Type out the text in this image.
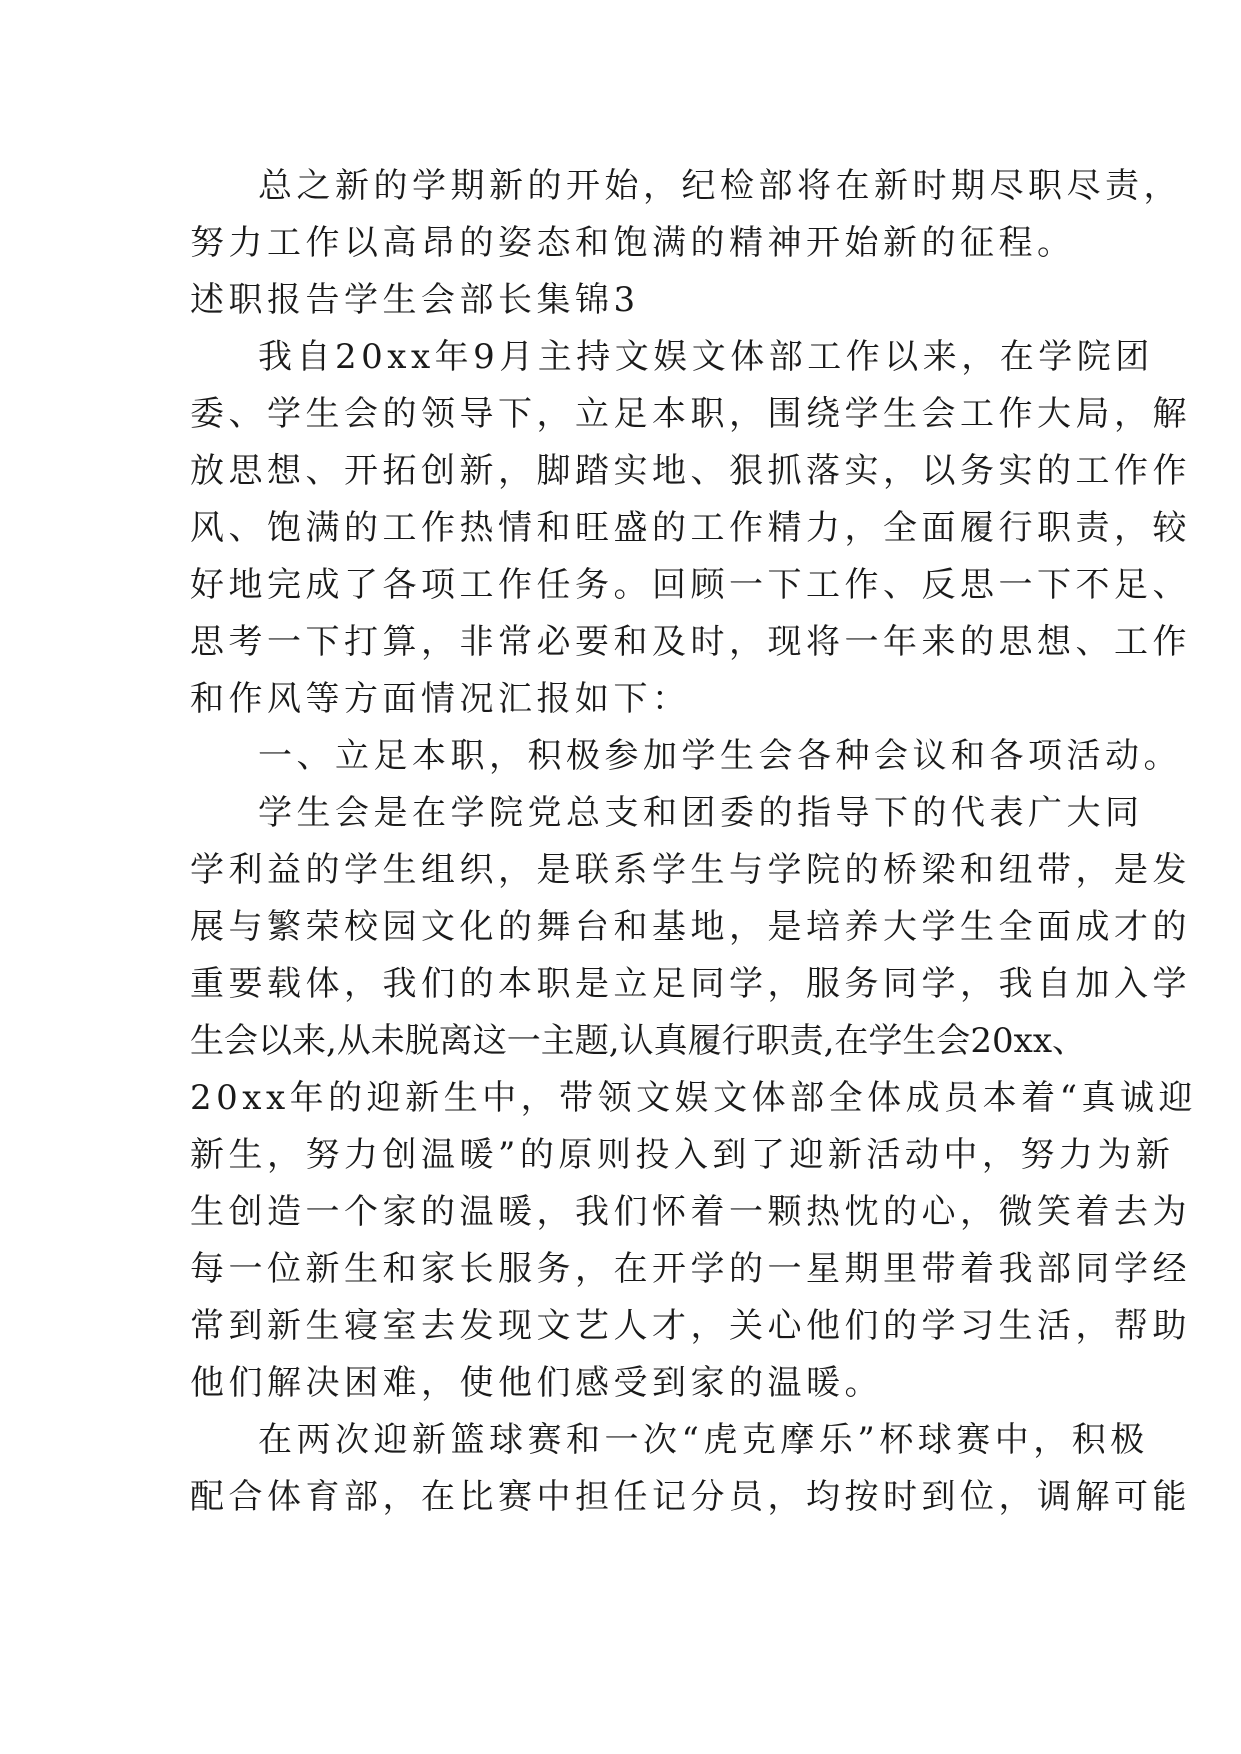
总之新的学期新的开始，纪检部将在新时期尽职尽责，
努力工作以高昂的姿态和饱满的精神开始新的征程。
述职报告学生会部长集锦3
我自20xx年9月主持文娱文体部工作以来，在学院团
委、学生会的领导下，立足本职，围绕学生会工作大局，解
放思想、开拓创新，脚踏实地、狠抓落实，以务实的工作作
风、饱满的工作热情和旺盛的工作精力，全面履行职责，较
好地完成了各项工作任务。回顾一下工作、反思一下不足、
思考一下打算，非常必要和及时，现将一年来的思想、工作
和作风等方面情况汇报如下：
一、立足本职，积极参加学生会各种会议和各项活动。
学生会是在学院党总支和团委的指导下的代表广大同
学利益的学生组织，是联系学生与学院的桥梁和纽带，是发
展与繁荣校园文化的舞台和基地，是培养大学生全面成才的
重要载体，我们的本职是立足同学，服务同学，我自加入学
生会以来,从未脱离这一主题,认真履行职责,在学生会20xx、
20xx年的迎新生中，带领文娱文体部全体成员本着“真诚迎
新生，努力创温暖”的原则投入到了迎新活动中，努力为新
生创造一个家的温暖，我们怀着一颗热忱的心，微笑着去为
每一位新生和家长服务，在开学的一星期里带着我部同学经
常到新生寝室去发现文艺人才，关心他们的学习生活，帮助
他们解决困难，使他们感受到家的温暖。
在两次迎新篮球赛和一次“虎克摩乐”杯球赛中，积极
配合体育部，在比赛中担任记分员，均按时到位，调解可能
